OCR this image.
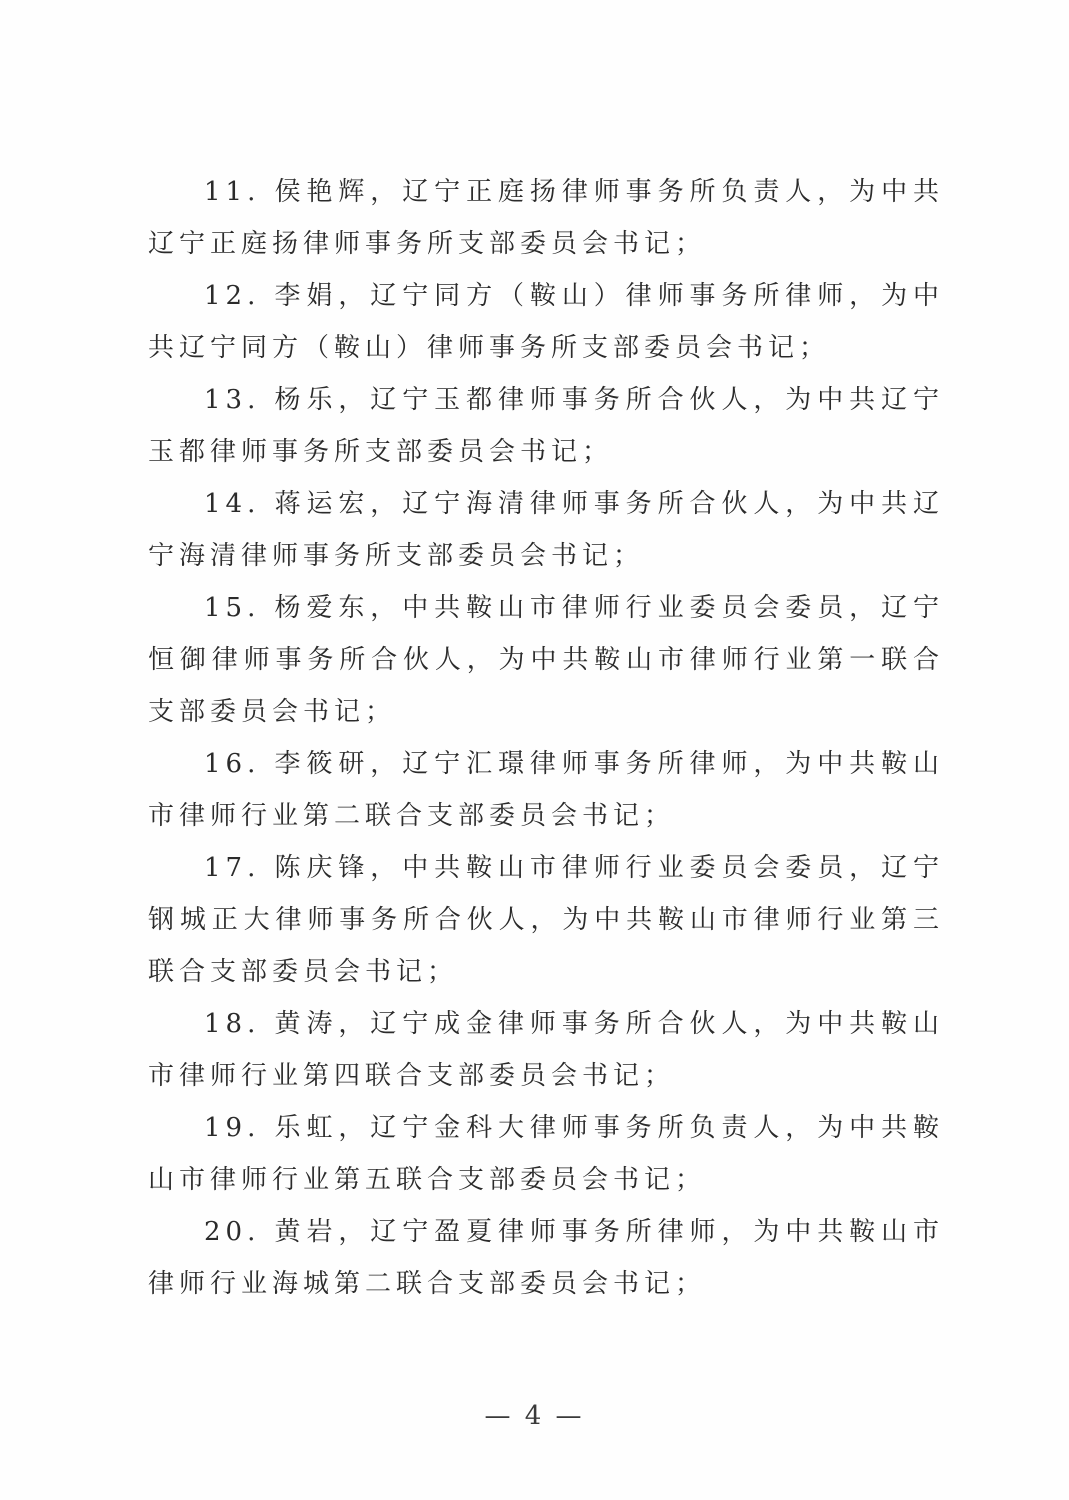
11. 侯艳辉，辽宁正庭扬律师事务所负责人，为中共辽宁正庭扬律师事务所支部委员会书记；

12. 李娟，辽宁同方（鞍山）律师事务所律师，为中共辽宁同方（鞍山）律师事务所支部委员会书记；

13. 杨乐，辽宁玉都律师事务所合伙人，为中共辽宁玉都律师事务所支部委员会书记；

14. 蒋运宏，辽宁海清律师事务所合伙人，为中共辽宁海清律师事务所支部委员会书记；

15. 杨爱东，中共鞍山市律师行业委员会委员，辽宁恒御律师事务所合伙人，为中共鞍山市律师行业第一联合支部委员会书记；

16. 李筱研，辽宁汇璟律师事务所律师，为中共鞍山市律师行业第二联合支部委员会书记；

17. 陈庆锋，中共鞍山市律师行业委员会委员，辽宁钢城正大律师事务所合伙人，为中共鞍山市律师行业第三联合支部委员会书记；

18. 黄涛，辽宁成金律师事务所合伙人，为中共鞍山市律师行业第四联合支部委员会书记；

19. 乐虹，辽宁金科大律师事务所负责人，为中共鞍山市律师行业第五联合支部委员会书记；

20. 黄岩，辽宁盈夏律师事务所律师，为中共鞍山市律师行业海城第二联合支部委员会书记；

— 4 —
